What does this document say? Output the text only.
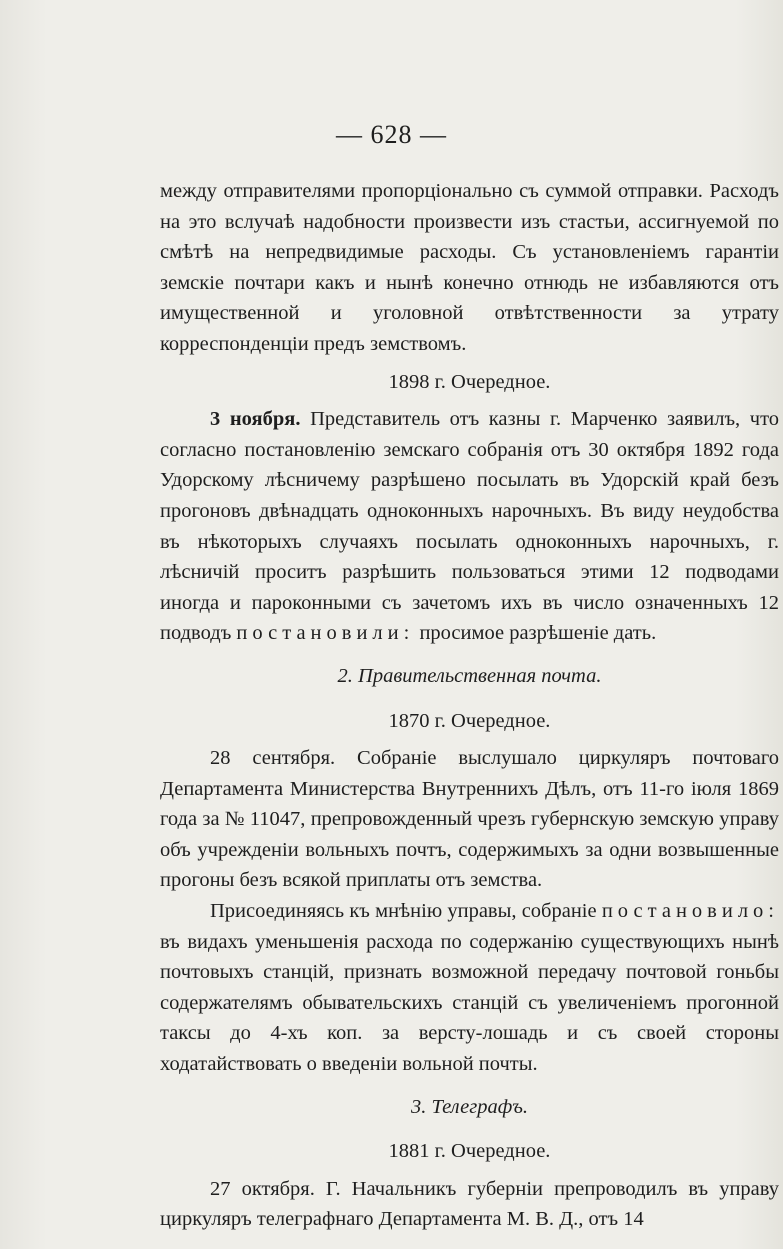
— 628 —

между отправителями пропорціонально съ суммой отправки. Расходъ на это вслучаѣ надобности произвести изъ стастьи, ассигнуемой по смѣтѣ на непредвидимые расходы. Съ установленіемъ гарантіи земскіе почтари какъ и нынѣ конечно отнюдь не избавляются отъ имущественной и уголовной отвѣтственности за утрату корреспонденціи предъ земствомъ.

1898 г. Очередное.

3 ноября. Представитель отъ казны г. Марченко заявилъ, что согласно постановленію земскаго собранія отъ 30 октября 1892 года Удорскому лѣсничему разрѣшено посылать въ Удорскій край безъ прогоновъ двѣнадцать одноконныхъ нарочныхъ. Въ виду неудобства въ нѣкоторыхъ случаяхъ посылать одноконныхъ нарочныхъ, г. лѣсничій проситъ разрѣшить пользоваться этими 12 подводами иногда и пароконными съ зачетомъ ихъ въ число означенныхъ 12 подводъ постановили: просимое разрѣшеніе дать.

2. Правительственная почта.
1870 г. Очередное.

28 сентября. Собраніе выслушало циркуляръ почтоваго Департамента Министерства Внутреннихъ Дѣлъ, отъ 11-го іюля 1869 года за № 11047, препровожденный чрезъ губернскую земскую управу объ учрежденіи вольныхъ почтъ, содержимыхъ за одни возвышенные прогоны безъ всякой приплаты отъ земства.

Присоединяясь къ мнѣнію управы, собраніе постановило: въ видахъ уменьшенія расхода по содержанію существующихъ нынѣ почтовыхъ станцій, признать возможной передачу почтовой гоньбы содержателямъ обывательскихъ станцій съ увеличеніемъ прогонной таксы до 4-хъ коп. за версту-лошадь и съ своей стороны ходатайствовать о введеніи вольной почты.

3. Телеграфъ.
1881 г. Очередное.

27 октября. Г. Начальникъ губерніи препроводилъ въ управу циркуляръ телеграфнаго Департамента М. В. Д., отъ 14
